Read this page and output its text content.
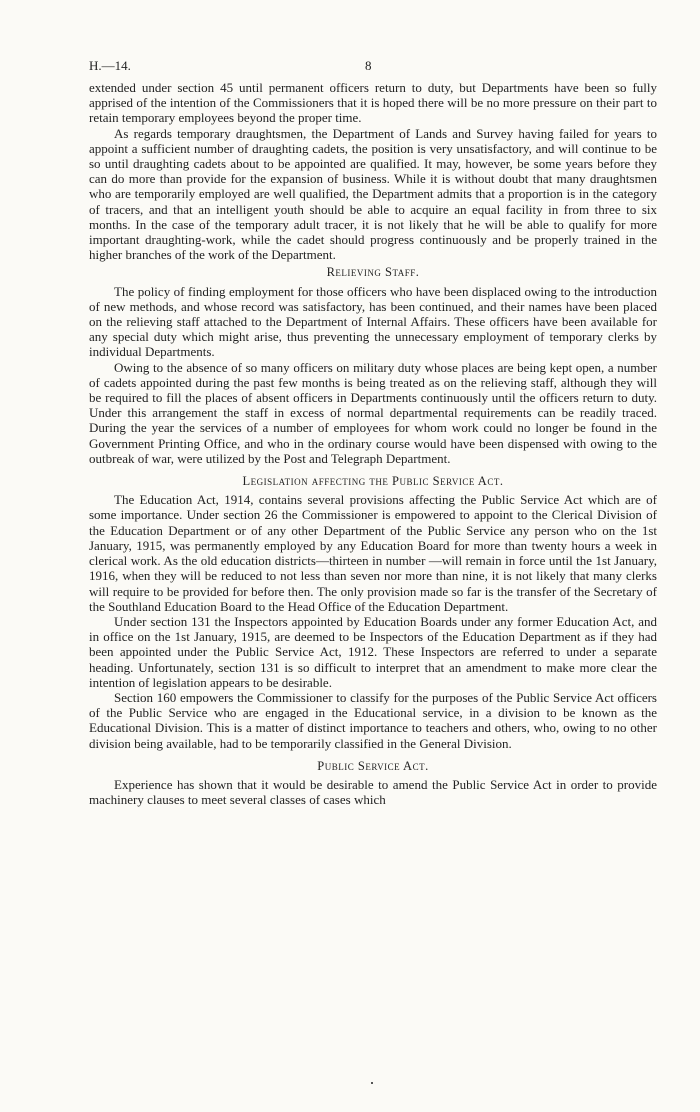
H.—14.	8

extended under section 45 until permanent officers return to duty, but Departments have been so fully apprised of the intention of the Commissioners that it is hoped there will be no more pressure on their part to retain temporary employees beyond the proper time.

As regards temporary draughtsmen, the Department of Lands and Survey having failed for years to appoint a sufficient number of draughting cadets, the position is very unsatisfactory, and will continue to be so until draughting cadets about to be appointed are qualified. It may, however, be some years before they can do more than provide for the expansion of business. While it is without doubt that many draughtsmen who are temporarily employed are well qualified, the Department admits that a proportion is in the category of tracers, and that an intelligent youth should be able to acquire an equal facility in from three to six months. In the case of the temporary adult tracer, it is not likely that he will be able to qualify for more important draughting-work, while the cadet should progress continuously and be properly trained in the higher branches of the work of the Department.

Relieving Staff.

The policy of finding employment for those officers who have been displaced owing to the introduction of new methods, and whose record was satisfactory, has been continued, and their names have been placed on the relieving staff attached to the Department of Internal Affairs. These officers have been available for any special duty which might arise, thus preventing the unnecessary employment of temporary clerks by individual Departments.

Owing to the absence of so many officers on military duty whose places are being kept open, a number of cadets appointed during the past few months is being treated as on the relieving staff, although they will be required to fill the places of absent officers in Departments continuously until the officers return to duty. Under this arrangement the staff in excess of normal departmental requirements can be readily traced. During the year the services of a number of employees for whom work could no longer be found in the Government Printing Office, and who in the ordinary course would have been dispensed with owing to the outbreak of war, were utilized by the Post and Telegraph Department.

Legislation affecting the Public Service Act.

The Education Act, 1914, contains several provisions affecting the Public Service Act which are of some importance. Under section 26 the Commissioner is empowered to appoint to the Clerical Division of the Education Department or of any other Department of the Public Service any person who on the 1st January, 1915, was permanently employed by any Education Board for more than twenty hours a week in clerical work. As the old education districts—thirteen in number —will remain in force until the 1st January, 1916, when they will be reduced to not less than seven nor more than nine, it is not likely that many clerks will require to be provided for before then. The only provision made so far is the transfer of the Secretary of the Southland Education Board to the Head Office of the Education Department.

Under section 131 the Inspectors appointed by Education Boards under any former Education Act, and in office on the 1st January, 1915, are deemed to be Inspectors of the Education Department as if they had been appointed under the Public Service Act, 1912. These Inspectors are referred to under a separate heading. Unfortunately, section 131 is so difficult to interpret that an amendment to make more clear the intention of legislation appears to be desirable.

Section 160 empowers the Commissioner to classify for the purposes of the Public Service Act officers of the Public Service who are engaged in the Educational service, in a division to be known as the Educational Division. This is a matter of distinct importance to teachers and others, who, owing to no other division being available, had to be temporarily classified in the General Division.

Public Service Act.

Experience has shown that it would be desirable to amend the Public Service Act in order to provide machinery clauses to meet several classes of cases which
